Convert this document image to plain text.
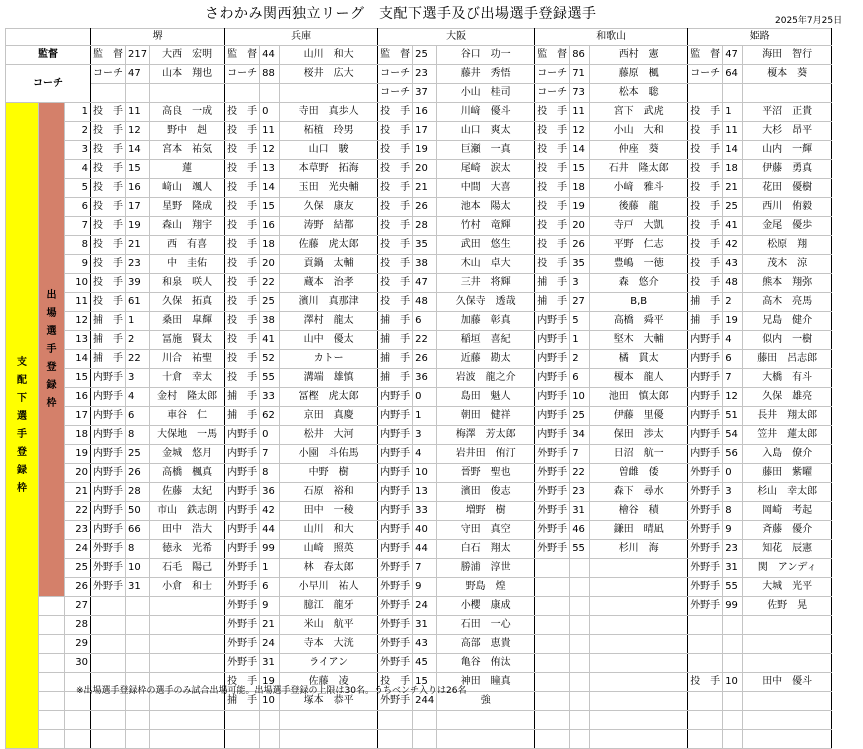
さわかみ関西独立リーグ　支配下選手及び出場選手登録選手	2025年7月25日
			堺			兵庫			大阪			和歌山			姫路		
監督			監　督	217	大西　宏明	監　督	44	山川　和大	監　督	25	谷口　功一	監　督	86	西村　憲	監　督	47	海田　智行
コーチ			コーチ	47	山本　翔也	コーチ	88	桜井　広大	コーチ	23	藤井　秀悟	コーチ	71	藤原　楓	コーチ	64	榎本　葵
									コーチ	37	小山　桂司	コーチ	73	松本　聡			
支配下選手登録枠	出場選手登録枠	1	投　手	11	高良　一成	投　手	0	寺田　真歩人	投　手	16	川﨑　優斗	投　手	11	宮下　武虎	投　手	1	平沼　正貴
		2	投　手	12	野中　赳	投　手	11	柘植　玲男	投　手	17	山口　爽太	投　手	12	小山　大和	投　手	11	大杉　昂平
		3	投　手	14	宮本　祐気	投　手	12	山口　駿	投　手	19	巨瀬　一真	投　手	14	仲座　葵	投　手	14	山内　一輝
		4	投　手	15	蓮	投　手	13	本草野　拓海	投　手	20	尾崎　涙太	投　手	15	石井　隆太郎	投　手	18	伊藤　勇真
		5	投　手	16	﨑山　颯人	投　手	14	玉田　光央輔	投　手	21	中間　大喜	投　手	18	小﨑　雅斗	投　手	21	花田　優樹
		6	投　手	17	星野　隆成	投　手	15	久保　康友	投　手	26	池本　陽太	投　手	19	後藤　龍	投　手	25	西川　侑毅
		7	投　手	19	森山　翔宇	投　手	16	涛野　結都	投　手	28	竹村　竜輝	投　手	20	寺戸　大凱	投　手	41	金尾　優歩
		8	投　手	21	西　有喜	投　手	18	佐藤　虎太郎	投　手	35	武田　悠生	投　手	26	平野　仁志	投　手	42	松原　翔
		9	投　手	23	中　圭佑	投　手	20	貢鍋　太輔	投　手	38	木山　卓大	投　手	35	豊嶋　一徳	投　手	43	茂木　涼
		10	投　手	39	和泉　咲人	投　手	22	蔵本　治孝	投　手	47	三井　将輝	捕　手	3	森　悠介	投　手	48	熊本　翔弥
		11	投　手	61	久保　拓真	投　手	25	濱川　真那津	投　手	48	久保寺　透哉	捕　手	27	B,B	捕　手	2	高木　亮馬
		12	捕　手	1	桑田　皐輝	投　手	38	澤村　龍太	捕　手	6	加藤　彰真	内野手	5	高橋　舜平	捕　手	19	兄島　健介
		13	捕　手	2	冨施　賢太	投　手	41	山中　優太	捕　手	22	稲垣　喜紀	内野手	1	堅木　大輔	内野手	4	似内　一樹
		14	捕　手	22	川合　祐聖	投　手	52	カトー	捕　手	26	近藤　勘太	内野手	2	橘　貫太	内野手	6	藤田　呂志郎
		15	内野手	3	十倉　幸太	投　手	55	溝端　雄慎	捕　手	36	岩波　龍之介	内野手	6	榎本　龍人	内野手	7	大橋　有斗
		16	内野手	4	金村　隆太郎	捕　手	33	冨樫　虎太郎	内野手	0	島田　魁人	内野手	10	池田　慎太郎	内野手	12	久保　雄亮
		17	内野手	6	車谷　仁	捕　手	62	京田　真慶	内野手	1	朝田　健祥	内野手	25	伊藤　里優	内野手	51	長井　翔太郎
		18	内野手	8	大保地　一馬	内野手	0	松井　大河	内野手	3	梅澤　芳太郎	内野手	34	保田　渉太	内野手	54	笠井　蓮太郎
		19	内野手	25	金城　悠月	内野手	7	小園　斗佑馬	内野手	4	岩井田　侑汀	外野手	7	日沼　航一	内野手	56	入島　僚介
		20	内野手	26	高橋　楓真	内野手	8	中野　樹	内野手	10	晉野　聖也	外野手	22	曽雌　倭	外野手	0	藤田　紫曜
		21	内野手	28	佐藤　太紀	内野手	36	石原　裕和	内野手	13	濱田　俊志	外野手	23	森下　尋水	外野手	3	杉山　幸太郎
		22	内野手	50	市山　鉄志朗	内野手	42	田中　一稜	内野手	33	増野　樹	外野手	31	檜谷　積	外野手	8	岡崎　考起
		23	内野手	66	田中　浩大	内野手	44	山川　和大	内野手	40	守田　真空	外野手	46	鎌田　晴凪	外野手	9	斉藤　優介
		24	外野手	8	徳永　光希	内野手	99	山崎　照英	内野手	44	白石　翔太	外野手	55	杉川　海	外野手	23	知花　辰憲
		25	外野手	10	石毛　陽己	外野手	1	林　春太郎	外野手	7	勝浦　淳世				外野手	31	関　アンディ
		26	外野手	31	小倉　和士	外野手	6	小早川　祐人	外野手	9	野島　煌				外野手	55	大城　光平
		27				外野手	9	臆江　龍牙	外野手	24	小櫻　康成				外野手	99	佐野　晃
		28				外野手	21	米山　航平	外野手	31	石田　一心						
		29				外野手	24	寺本　大洸	外野手	43	高部　恵貴						
		30				外野手	31	ライアン	外野手	45	亀谷　侑汰						
						投　手	19	佐藤　凌	投　手	15	神田　瞳真				投　手	10	田中　優斗
						捕　手	10	塚本　恭平	外野手	244	強						

※出場選手登録枠の選手のみ試合出場可能。出場選手登録の上限は30名。うちベンチ入りは26名
